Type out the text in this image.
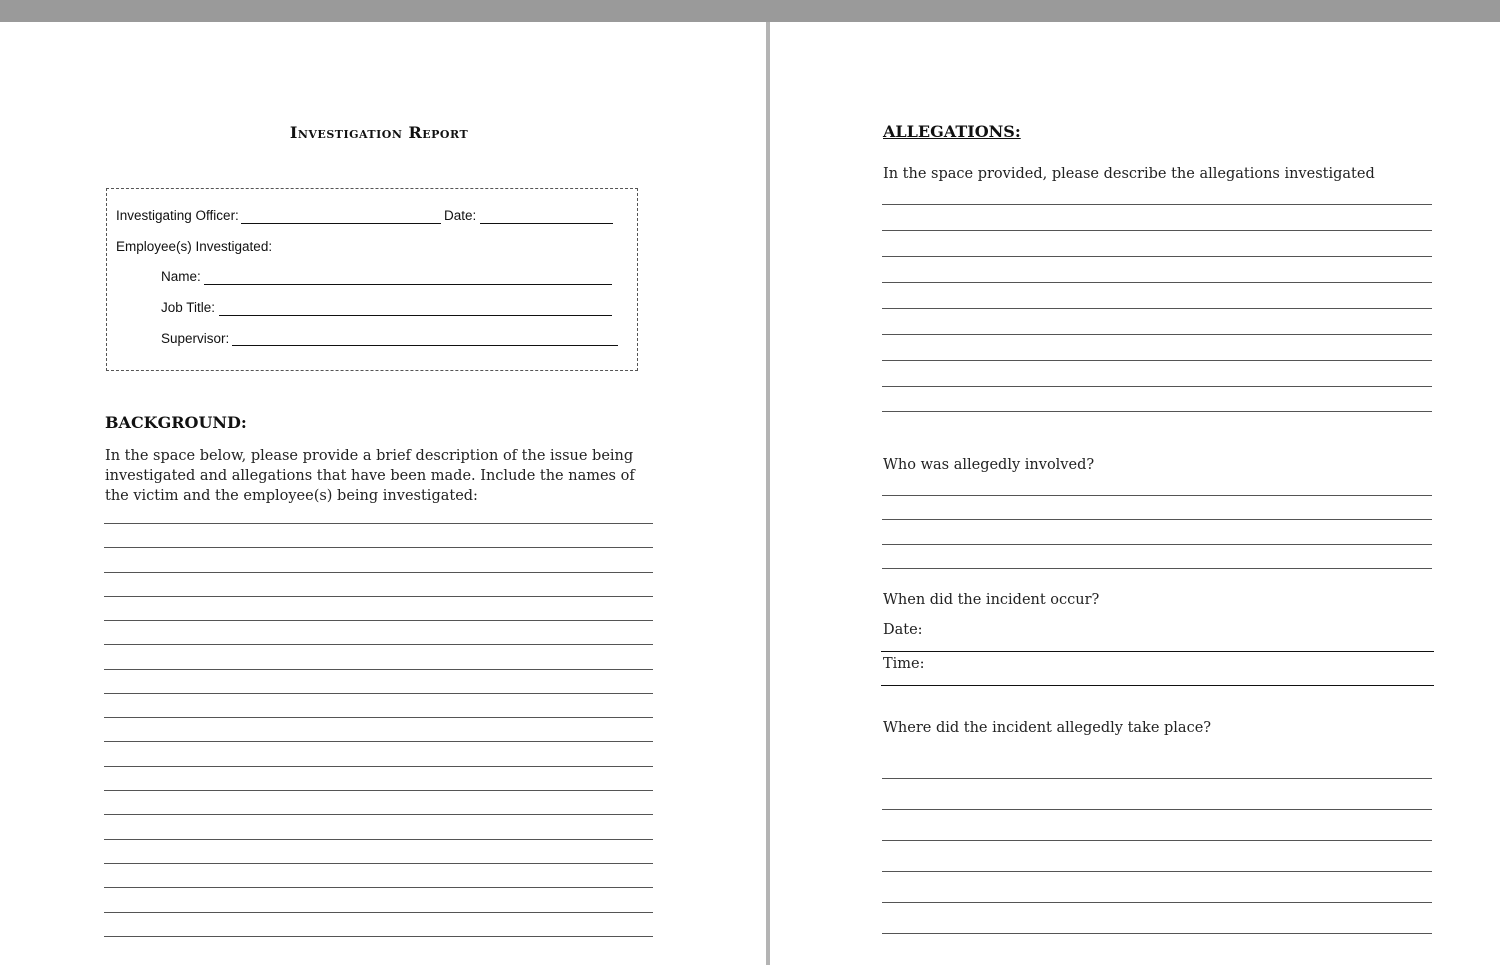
Investigation Report
Investigating Officer:	Date:
Employee(s) Investigated:
Name:
Job Title:
Supervisor:
BACKGROUND:
In the space below, please provide a brief description of the issue being investigated and allegations that have been made. Include the names of the victim and the employee(s) being investigated:
ALLEGATIONS:
In the space provided, please describe the allegations investigated
Who was allegedly involved?
When did the incident occur?
Date:
Time:
Where did the incident allegedly take place?
